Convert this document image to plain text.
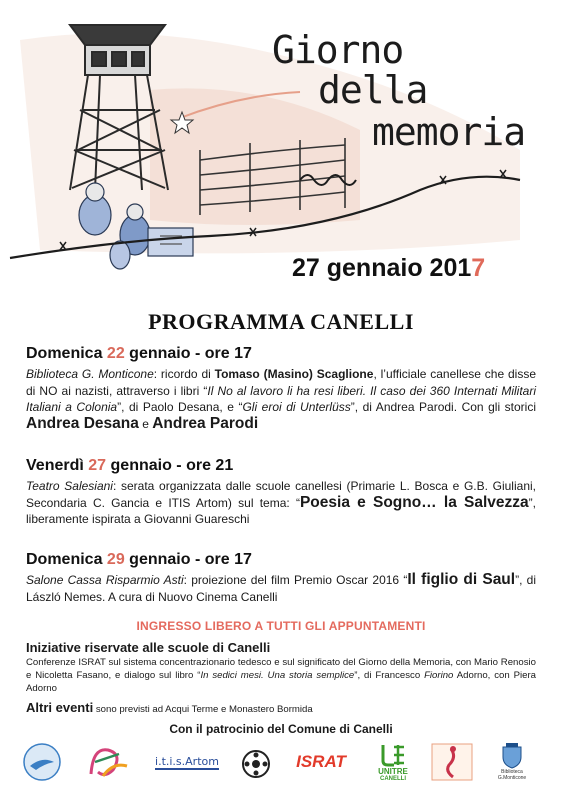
Giorno
della
memoria
27 gennaio 2017
PROGRAMMA CANELLI
Domenica 22 gennaio - ore 17
Biblioteca G. Monticone: ricordo di Tomaso (Masino) Scaglione, l’ufficiale canellese che disse di NO ai nazisti, attraverso i libri “Il No al lavoro li ha resi liberi. Il caso dei 360 Internati Militari Italiani a Colonia”, di Paolo Desana, e “Gli eroi di Unterlüss”, di Andrea Parodi. Con gli storici Andrea Desana e Andrea Parodi
Venerdì 27 gennaio - ore 21
Teatro Salesiani: serata organizzata dalle scuole canellesi (Primarie L. Bosca e G.B. Giuliani, Secondaria C. Gancia e ITIS Artom) sul tema: “Poesia e Sogno… la Salvezza”, liberamente ispirata a Giovanni Guareschi
Domenica 29 gennaio - ore 17
Salone Cassa Risparmio Asti: proiezione del film Premio Oscar 2016 “Il figlio di Saul”, di László Nemes. A cura di Nuovo Cinema Canelli
INGRESSO LIBERO A TUTTI GLI APPUNTAMENTI
Iniziative riservate alle scuole di Canelli
Conferenze ISRAT sul sistema concentrazionario tedesco e sul significato del Giorno della Memoria, con Mario Renosio e Nicoletta Fasano, e dialogo sul libro “In sedici mesi. Una storia semplice”, di Francesco Fiorino Adorno, con Piera Adorno
Altri eventi sono previsti ad Acqui Terme e Monastero Bormida
Con il patrocinio del Comune di Canelli
i.t.i.s.Artom	ISRAT	UNITRE
CANELLI
Biblioteca
G.Monticone
